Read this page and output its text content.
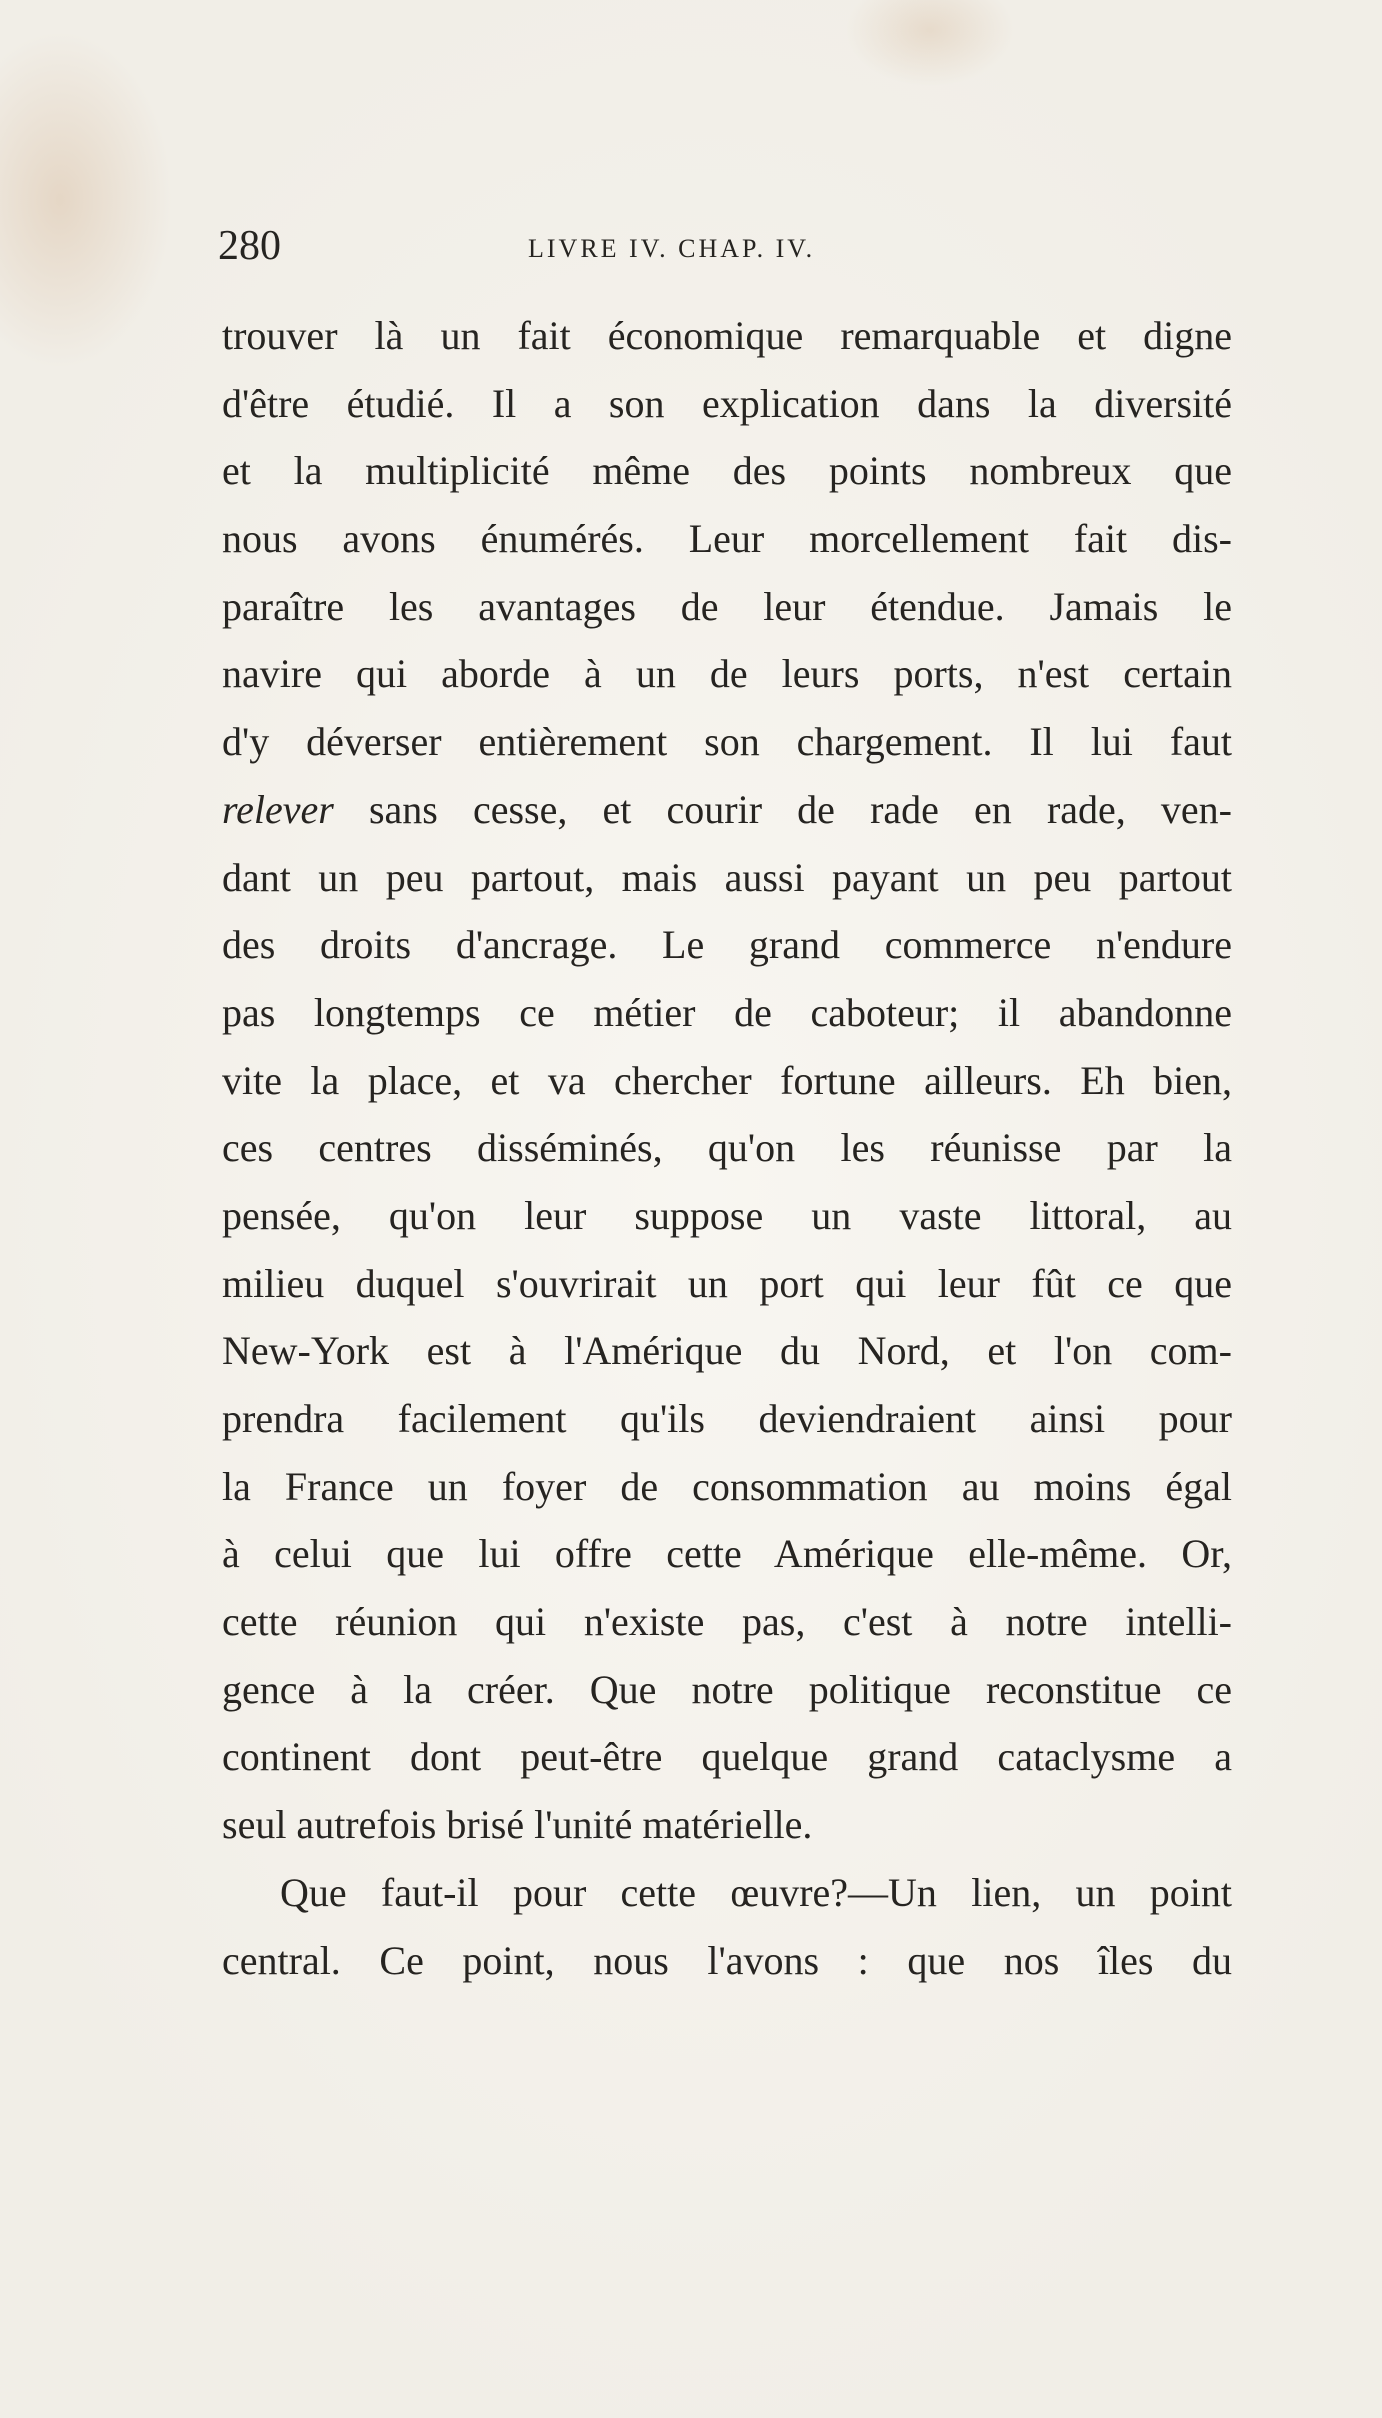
280	LIVRE IV. CHAP. IV.
trouver là un fait économique remarquable et digne
d'être étudié. Il a son explication dans la diversité
et la multiplicité même des points nombreux que
nous avons énumérés. Leur morcellement fait dis-
paraître les avantages de leur étendue. Jamais le
navire qui aborde à un de leurs ports, n'est certain
d'y déverser entièrement son chargement. Il lui faut
relever sans cesse, et courir de rade en rade, ven-
dant un peu partout, mais aussi payant un peu partout
des droits d'ancrage. Le grand commerce n'endure
pas longtemps ce métier de caboteur; il abandonne
vite la place, et va chercher fortune ailleurs. Eh bien,
ces centres disséminés, qu'on les réunisse par la
pensée, qu'on leur suppose un vaste littoral, au
milieu duquel s'ouvrirait un port qui leur fût ce que
New-York est à l'Amérique du Nord, et l'on com-
prendra facilement qu'ils deviendraient ainsi pour
la France un foyer de consommation au moins égal
à celui que lui offre cette Amérique elle-même. Or,
cette réunion qui n'existe pas, c'est à notre intelli-
gence à la créer. Que notre politique reconstitue ce
continent dont peut-être quelque grand cataclysme a
seul autrefois brisé l'unité matérielle.
Que faut-il pour cette œuvre?—Un lien, un point
central. Ce point, nous l'avons : que nos îles du
